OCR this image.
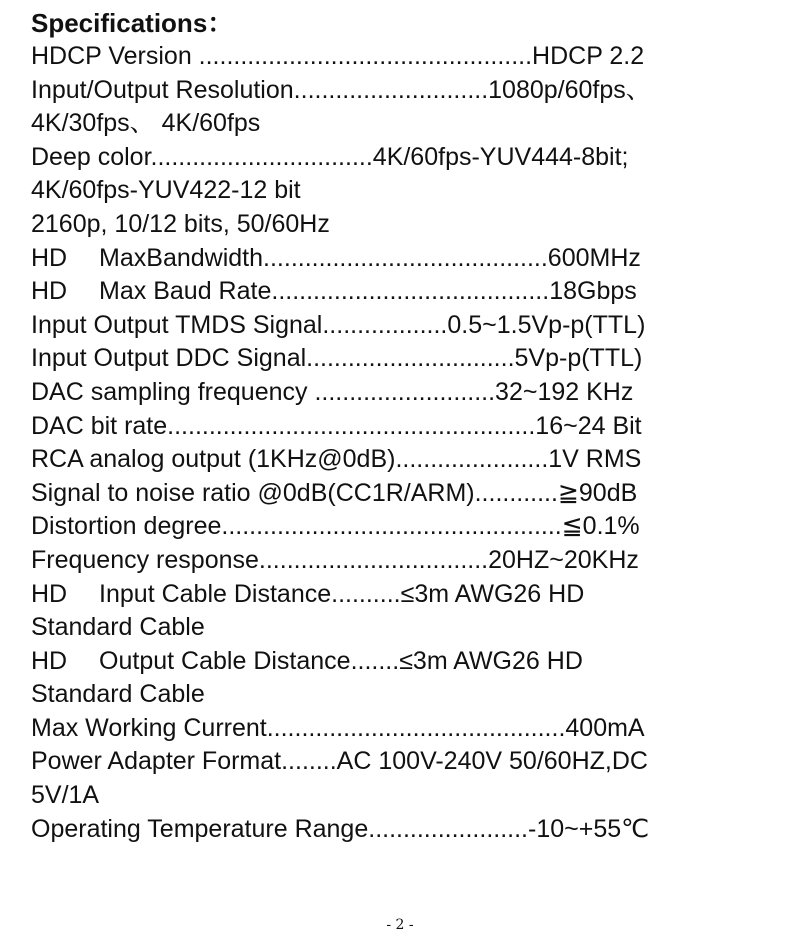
Specifications：
HDCP Version ................................................HDCP 2.2
Input/Output Resolution............................1080p/60fps、
4K/30fps、 4K/60fps
Deep color................................4K/60fps-YUV444-8bit;
4K/60fps-YUV422-12 bit
2160p, 10/12 bits, 50/60Hz
HD  MaxBandwidth.........................................600MHz
HD  Max Baud Rate........................................18Gbps
Input Output TMDS Signal..................0.5~1.5Vp-p(TTL)
Input Output DDC Signal..............................5Vp-p(TTL)
DAC sampling frequency ..........................32~192 KHz
DAC bit rate.....................................................16~24 Bit
RCA analog output (1KHz@0dB)......................1V RMS
Signal to noise ratio @0dB(CC1R/ARM)............≧90dB
Distortion degree.................................................≦0.1%
Frequency response.................................20HZ~20KHz
HD  Input Cable Distance..........≤3m AWG26 HD
Standard Cable
HD  Output Cable Distance.......≤3m AWG26 HD
Standard Cable
Max Working Current...........................................400mA
Power Adapter Format........AC 100V-240V 50/60HZ,DC
5V/1A
Operating Temperature Range.......................-10~+55℃
- 2 -
